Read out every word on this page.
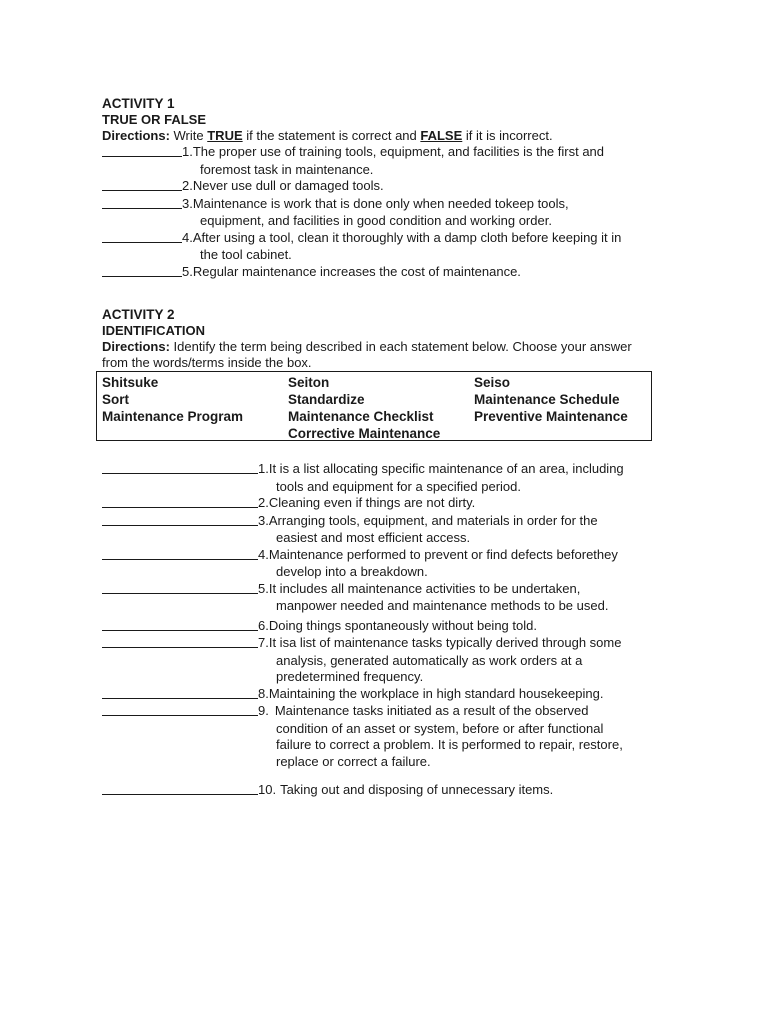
ACTIVITY 1

TRUE OR FALSE

Directions: Write TRUE if the statement is correct and FALSE if it is incorrect.

1. The proper use of training tools, equipment, and facilities is the first and
foremost task in maintenance.
2. Never use dull or damaged tools.
3. Maintenance is work that is done only when needed tokeep tools,
equipment, and facilities in good condition and working order.
4. After using a tool, clean it thoroughly with a damp cloth before keeping it in
the tool cabinet.
5. Regular maintenance increases the cost of maintenance.

ACTIVITY 2

IDENTIFICATION

Directions: Identify the term being described in each statement below. Choose your answer

from the words/terms inside the box.

Shitsuke
Sort
Maintenance Program
Seiton
Standardize
Maintenance Checklist
Corrective Maintenance
Seiso
Maintenance Schedule
Preventive Maintenance
1. It is a list allocating specific maintenance of an area, including
tools and equipment for a specified period.
2. Cleaning even if things are not dirty.
3. Arranging tools, equipment, and materials in order for the
easiest and most efficient access.
4. Maintenance performed to prevent or find defects beforethey
develop into a breakdown.
5. It includes all maintenance activities to be undertaken,
manpower needed and maintenance methods to be used.
6. Doing things spontaneously without being told.
7. It isa list of maintenance tasks typically derived through some
analysis, generated automatically as work orders at a
predetermined frequency.
8. Maintaining the workplace in high standard housekeeping.
9. Maintenance tasks initiated as a result of the observed
condition of an asset or system, before or after functional
failure to correct a problem. It is performed to repair, restore,
replace or correct a failure.
10. Taking out and disposing of unnecessary items.
